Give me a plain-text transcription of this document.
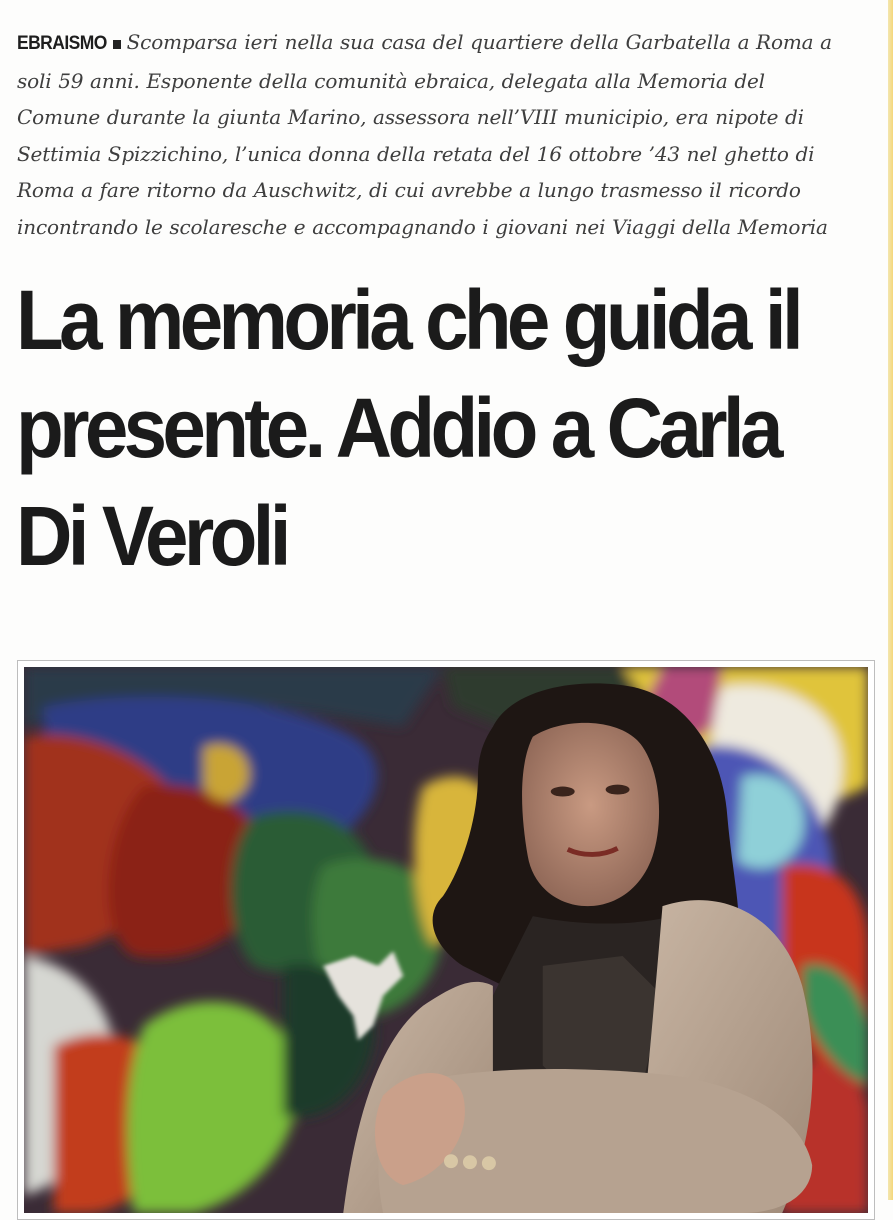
EBRAISMO Scomparsa ieri nella sua casa del quartiere della Garbatella a Roma a soli 59 anni. Esponente della comunità ebraica, delegata alla Memoria del Comune durante la giunta Marino, assessora nell’VIII municipio, era nipote di Settimia Spizzichino, l’unica donna della retata del 16 ottobre ’43 nel ghetto di Roma a fare ritorno da Auschwitz, di cui avrebbe a lungo trasmesso il ricordo incontrando le scolaresche e accompagnando i giovani nei Viaggi della Memoria

La memoria che guida il presente. Addio a Carla Di Veroli
